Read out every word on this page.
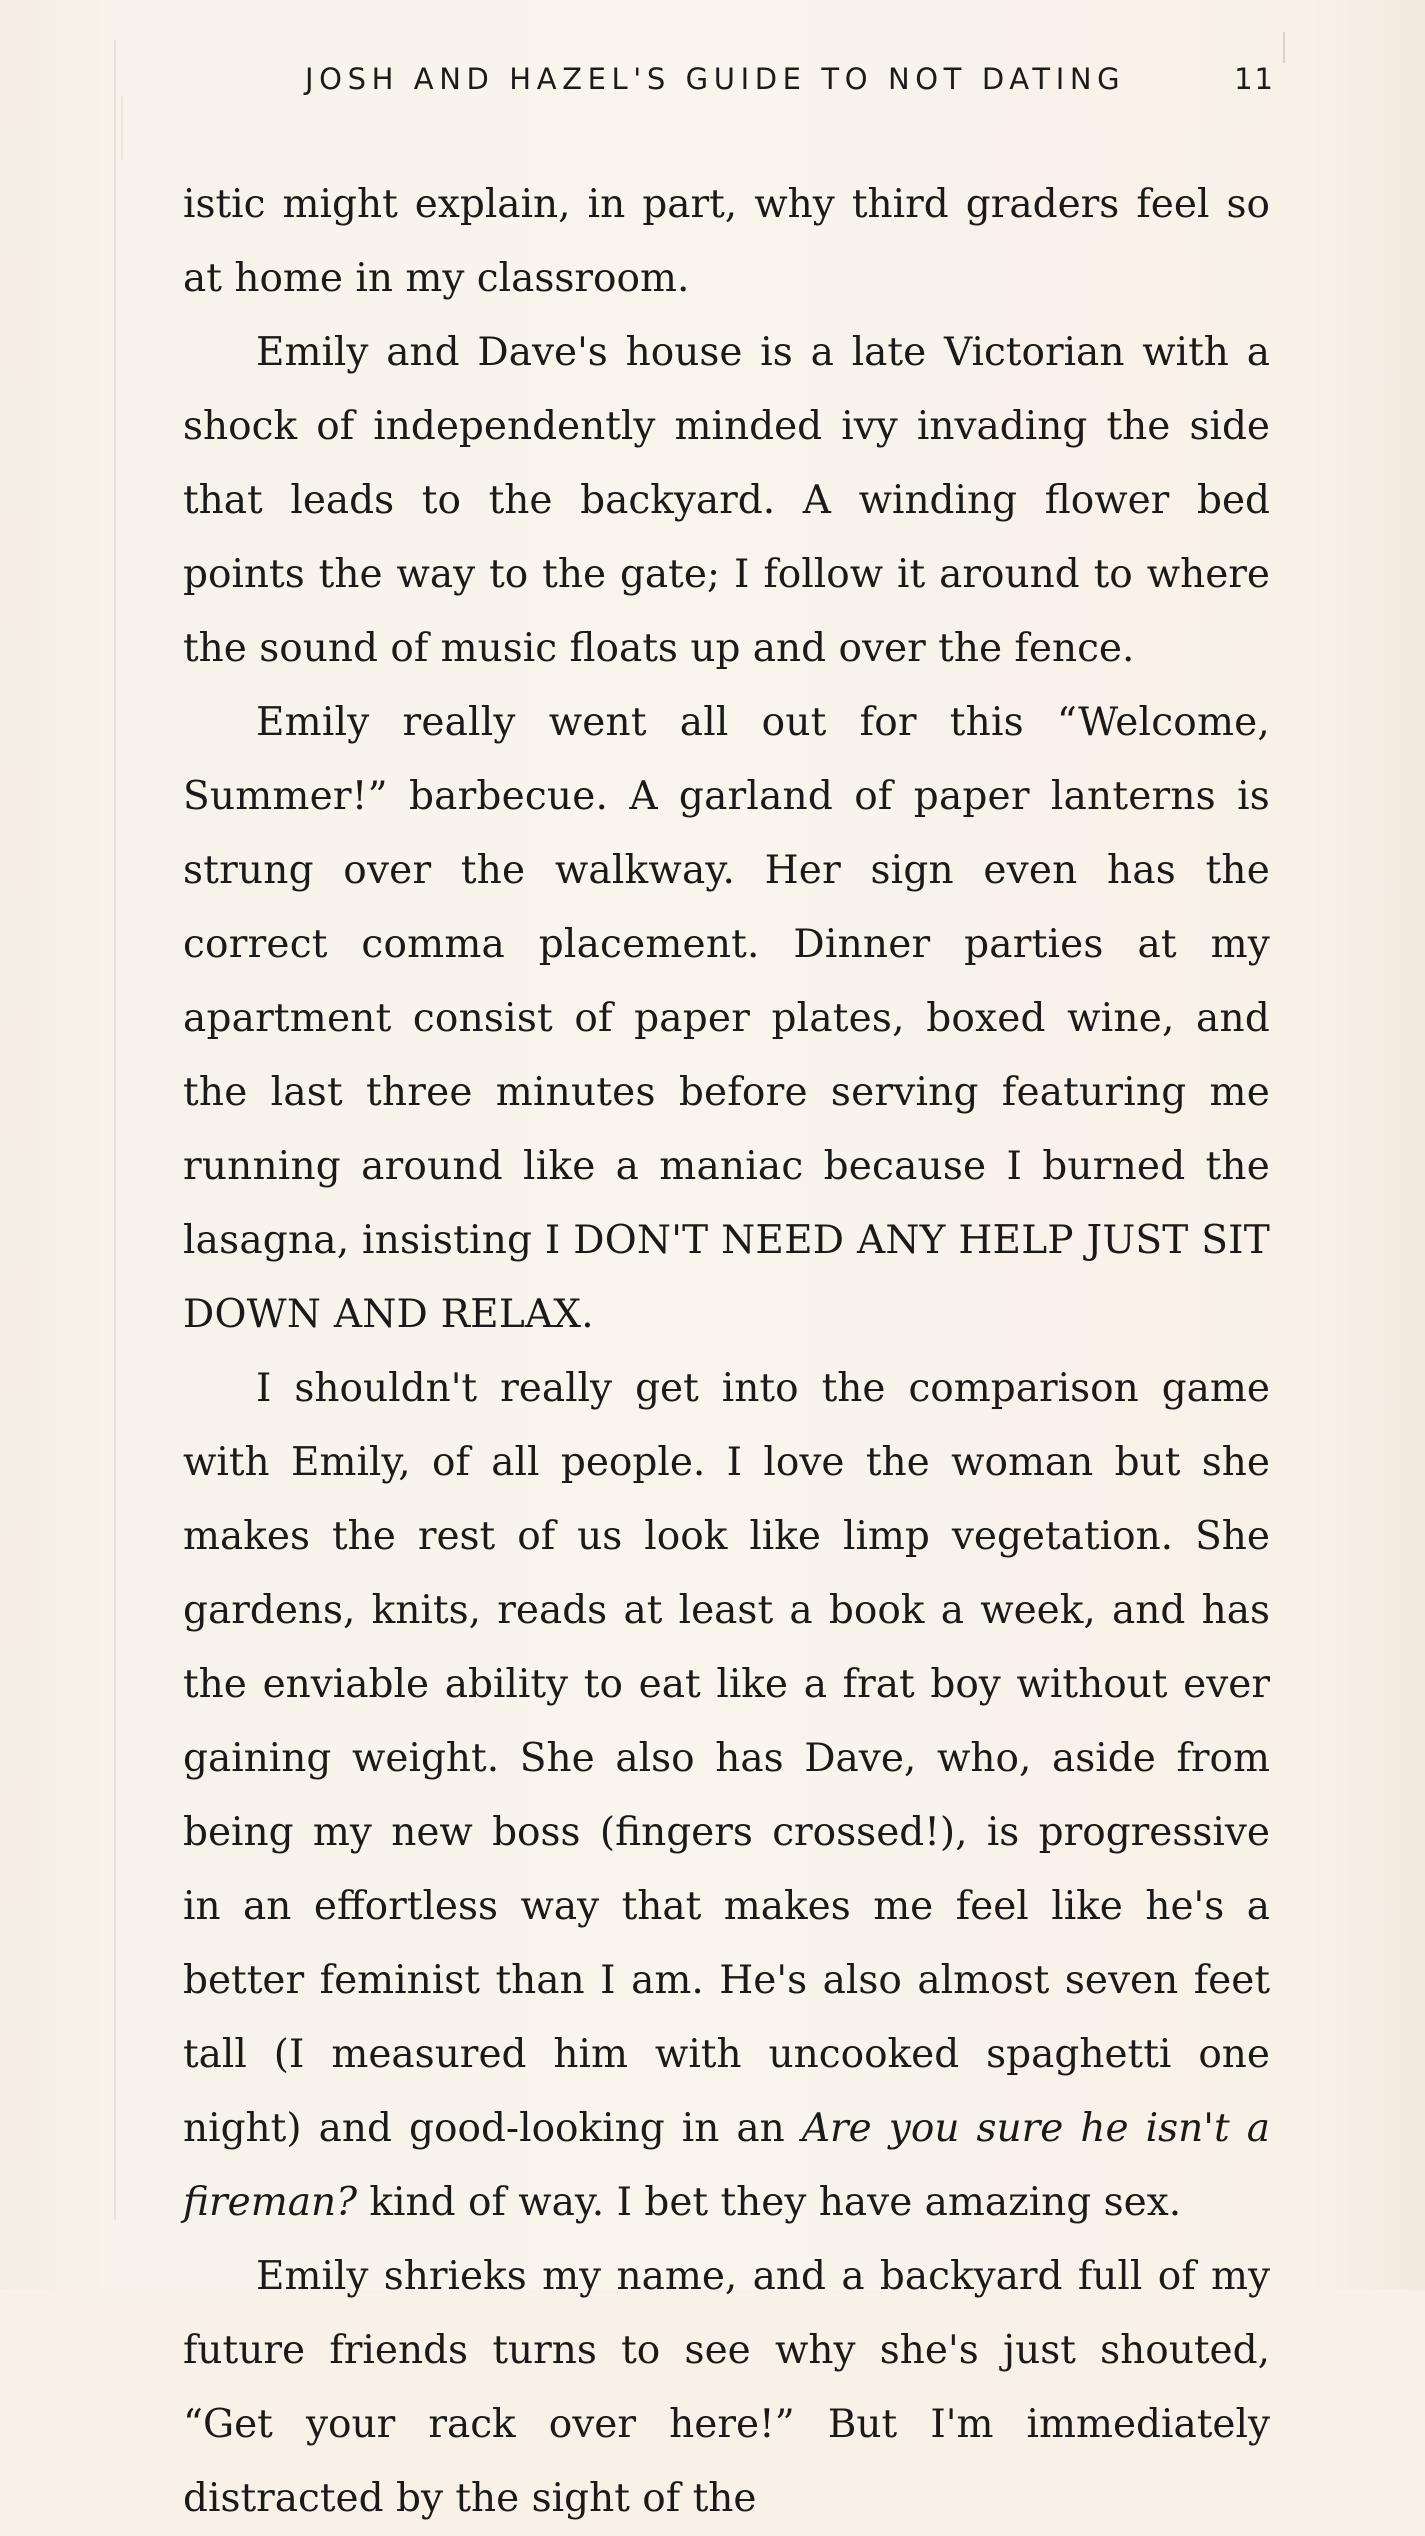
JOSH AND HAZEL'S GUIDE TO NOT DATING	11

istic might explain, in part, why third graders feel so at home in my classroom.

Emily and Dave's house is a late Victorian with a shock of independently minded ivy invading the side that leads to the backyard. A winding flower bed points the way to the gate; I follow it around to where the sound of music floats up and over the fence.

Emily really went all out for this “Welcome, Summer!” barbecue. A garland of paper lanterns is strung over the walkway. Her sign even has the correct comma placement. Dinner parties at my apartment consist of paper plates, boxed wine, and the last three minutes before serving featuring me running around like a maniac because I burned the lasagna, insisting I DON'T NEED ANY HELP JUST SIT DOWN AND RELAX.

I shouldn't really get into the comparison game with Emily, of all people. I love the woman but she makes the rest of us look like limp vegetation. She gardens, knits, reads at least a book a week, and has the enviable ability to eat like a frat boy without ever gaining weight. She also has Dave, who, aside from being my new boss (fingers crossed!), is progressive in an effortless way that makes me feel like he's a better feminist than I am. He's also almost seven feet tall (I measured him with uncooked spaghetti one night) and good-looking in an Are you sure he isn't a fireman? kind of way. I bet they have amazing sex.

Emily shrieks my name, and a backyard full of my future friends turns to see why she's just shouted, “Get your rack over here!” But I'm immediately distracted by the sight of the
